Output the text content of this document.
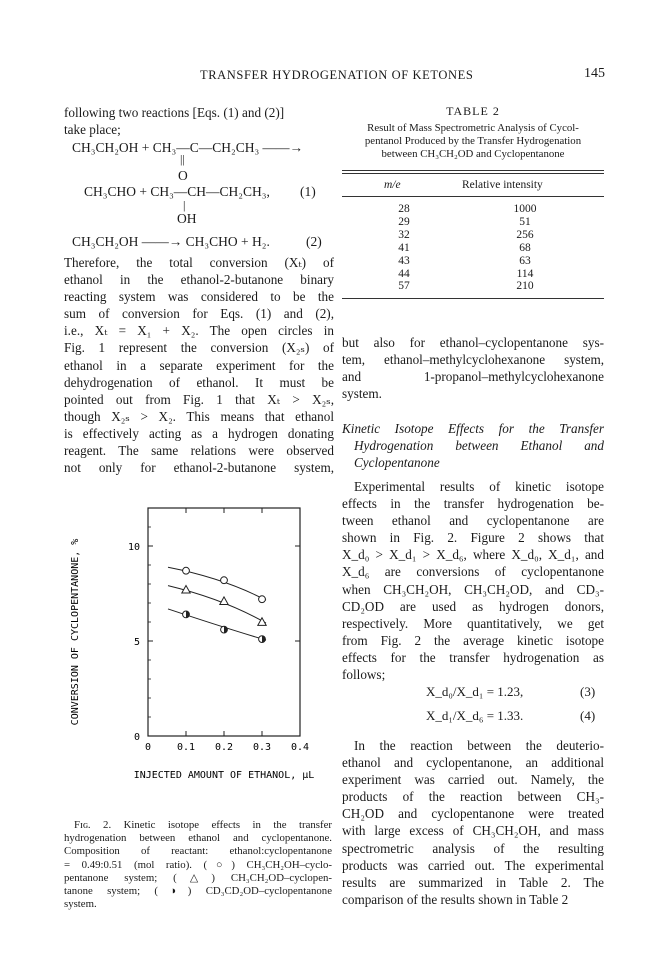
TRANSFER HYDROGENATION OF KETONES	145
following two reactions [Eqs. (1) and (2)]
take place;
CH₃CH₂OH + CH₃—C—CH₂CH₃ ——→
||
O
CH₃CHO + CH₃—CH—CH₂CH₃, (1)
|
OH
CH₃CH₂OH ——→ CH₃CHO + H₂.	(2)
Therefore, the total conversion (Xₜ) of
ethanol in the ethanol-2-butanone binary
reacting system was considered to be the
sum of conversion for Eqs. (1) and (2),
i.e., Xₜ = X₁ + X₂. The open circles in
Fig. 1 represent the conversion (X₂ₛ) of
ethanol in a separate experiment for the
dehydrogenation of ethanol. It must be
pointed out from Fig. 1 that Xₜ > X₂ₛ,
though X₂ₛ > X₂. This means that ethanol
is effectively acting as a hydrogen donating
reagent. The same relations were observed
not only for ethanol-2-butanone system,
0	0.1 0.2 0.3 0.4
0
5
10
CONVERSION OF CYCLOPENTANONE, %
INJECTED AMOUNT OF ETHANOL, μL
Fɪɢ. 2. Kinetic isotope effects in the transfer
hydrogenation between ethanol and cyclopentanone.
Composition of reactant: ethanol:cyclopentanone
= 0.49:0.51 (mol ratio). (○) CH₃CH₂OH–cyclo-
pentanone system; (△) CH₃CH₂OD–cyclopen-
tanone system; (◑) CD₃CD₂OD–cyclopentanone
system.
TABLE 2
Result of Mass Spectrometric Analysis of Cycol-
pentanol Produced by the Transfer Hydrogenation
between CH₃CH₂OD and Cyclopentanone
m/e	Relative intensity
28	1000
29	51
32	256
41	68
43	63
44	114
57	210
but also for ethanol–cyclopentanone sys-
tem, ethanol–methylcyclohexanone system,
and 1-propanol–methylcyclohexanone
system.
Kinetic Isotope Effects for the Transfer
Hydrogenation between Ethanol and
Cyclopentanone
Experimental results of kinetic isotope
effects in the transfer hydrogenation be-
tween ethanol and cyclopentanone are
shown in Fig. 2. Figure 2 shows that
X_d₀ > X_d₁ > X_d₆, where X_d₀, X_d₁, and
X_d₆ are conversions of cyclopentanone
when CH₃CH₂OH, CH₃CH₂OD, and CD₃-
CD₂OD are used as hydrogen donors,
respectively. More quantitatively, we get
from Fig. 2 the average kinetic isotope
effects for the transfer hydrogenation as
follows;
X_d₀/X_d₁ = 1.23,	(3)
X_d₁/X_d₆ = 1.33.	(4)
In the reaction between the deuterio-
ethanol and cyclopentanone, an additional
experiment was carried out. Namely, the
products of the reaction between CH₃-
CH₂OD and cyclopentanone were treated
with large excess of CH₃CH₂OH, and mass
spectrometric analysis of the resulting
products was carried out. The experimental
results are summarized in Table 2. The
comparison of the results shown in Table 2
